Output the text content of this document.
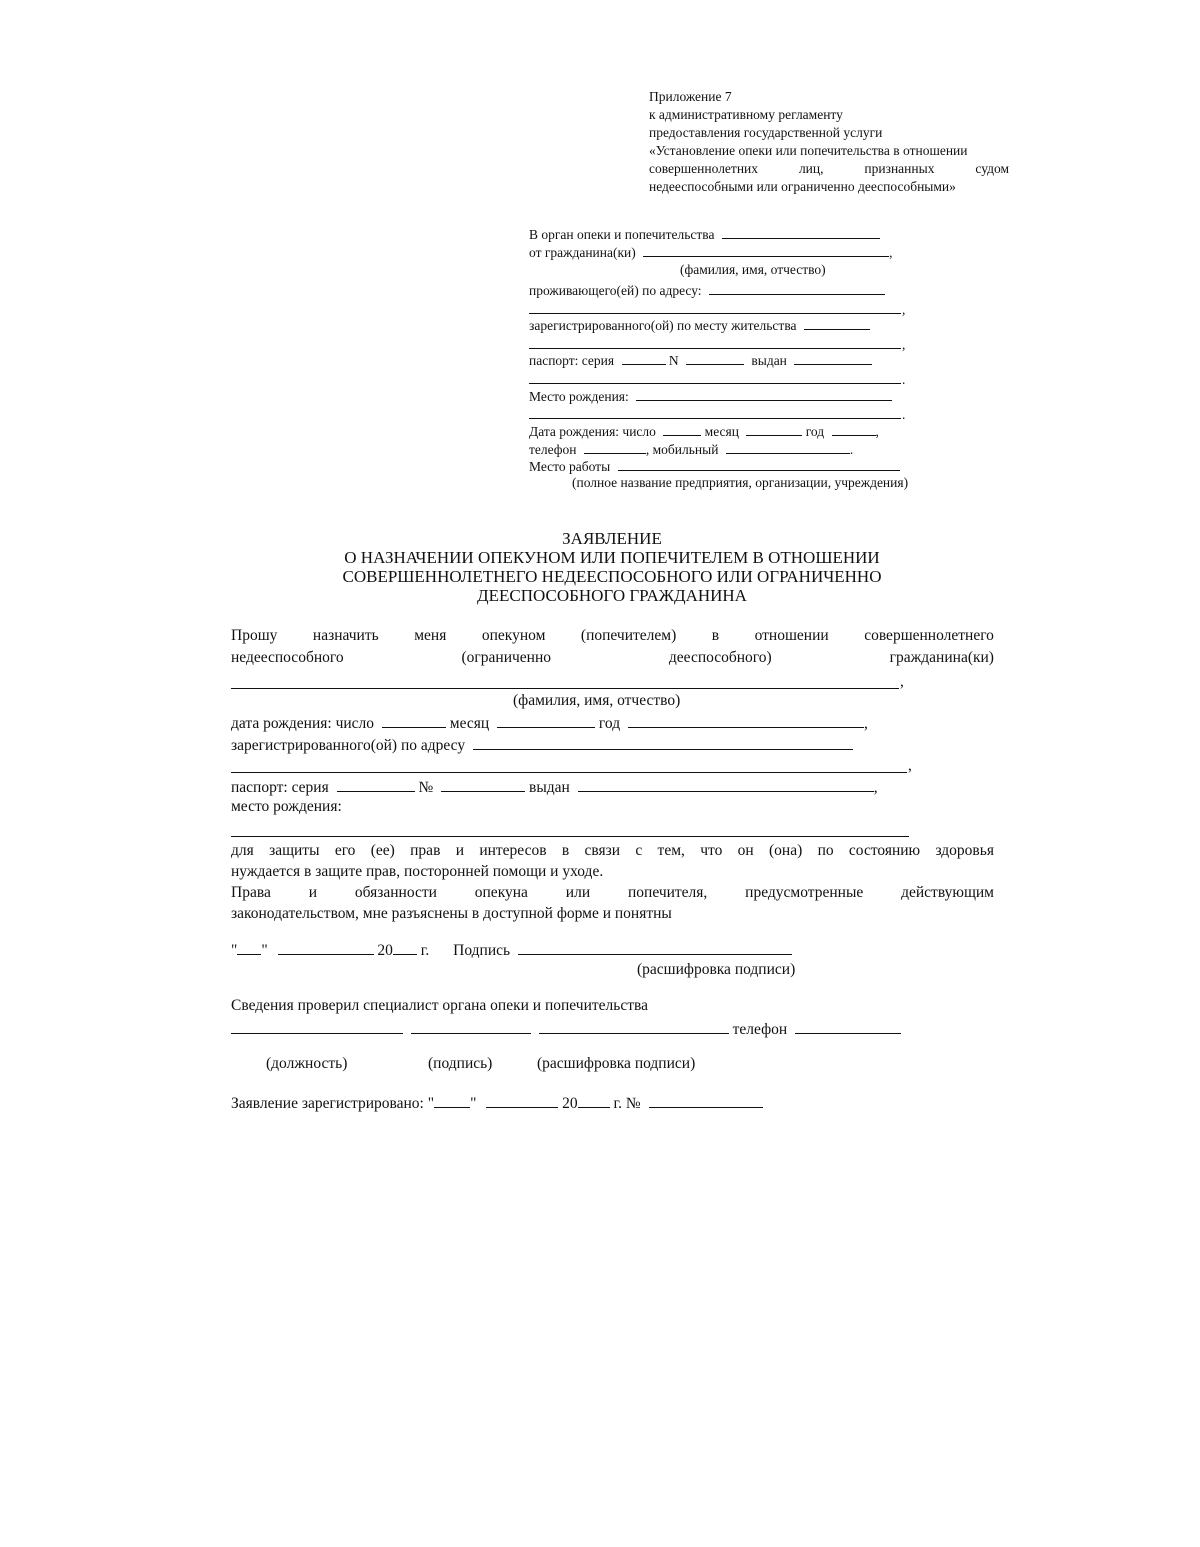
Приложение 7
к административному регламенту
предоставления государственной услуги
«Установление опеки или попечительства в отношении
совершеннолетних	лиц,	признанных	судом
недееспособными или ограниченно дееспособными»
В орган опеки и попечительства
от гражданина(ки)	,
(фамилия, имя, отчество)
проживающего(ей) по адресу:
,
зарегистрированного(ой) по месту жительства
,
паспорт: серия	N	выдан
.
Место рождения:
.
Дата рождения: число	месяц	год	,
телефон	, мобильный	.
Место работы
(полное название предприятия, организации, учреждения)
ЗАЯВЛЕНИЕ
О НАЗНАЧЕНИИ ОПЕКУНОМ ИЛИ ПОПЕЧИТЕЛЕМ В ОТНОШЕНИИ
СОВЕРШЕННОЛЕТНЕГО НЕДЕЕСПОСОБНОГО ИЛИ ОГРАНИЧЕННО
ДЕЕСПОСОБНОГО ГРАЖДАНИНА
Прошу назначить меня опекуном (попечителем) в отношении совершеннолетнего
недееспособного	(ограниченно	дееспособного)	гражданина(ки)
,
(фамилия, имя, отчество)
дата рождения: число	месяц	год	,
зарегистрированного(ой) по адресу
,
паспорт: серия	№	выдан	,
место рождения:
для защиты его (ее) прав и интересов в связи с тем, что он (она) по состоянию здоровья
нуждается в защите прав, посторонней помощи и уходе.
Права и обязанности опекуна или попечителя, предусмотренные действующим
законодательством, мне разъяснены в доступной форме и понятны
" "	20 г. Подпись
(расшифровка подписи)
Сведения проверил специалист органа опеки и попечительства
телефон
(должность)	(подпись)	(расшифровка подписи)
Заявление зарегистрировано: " "	20 г. №
